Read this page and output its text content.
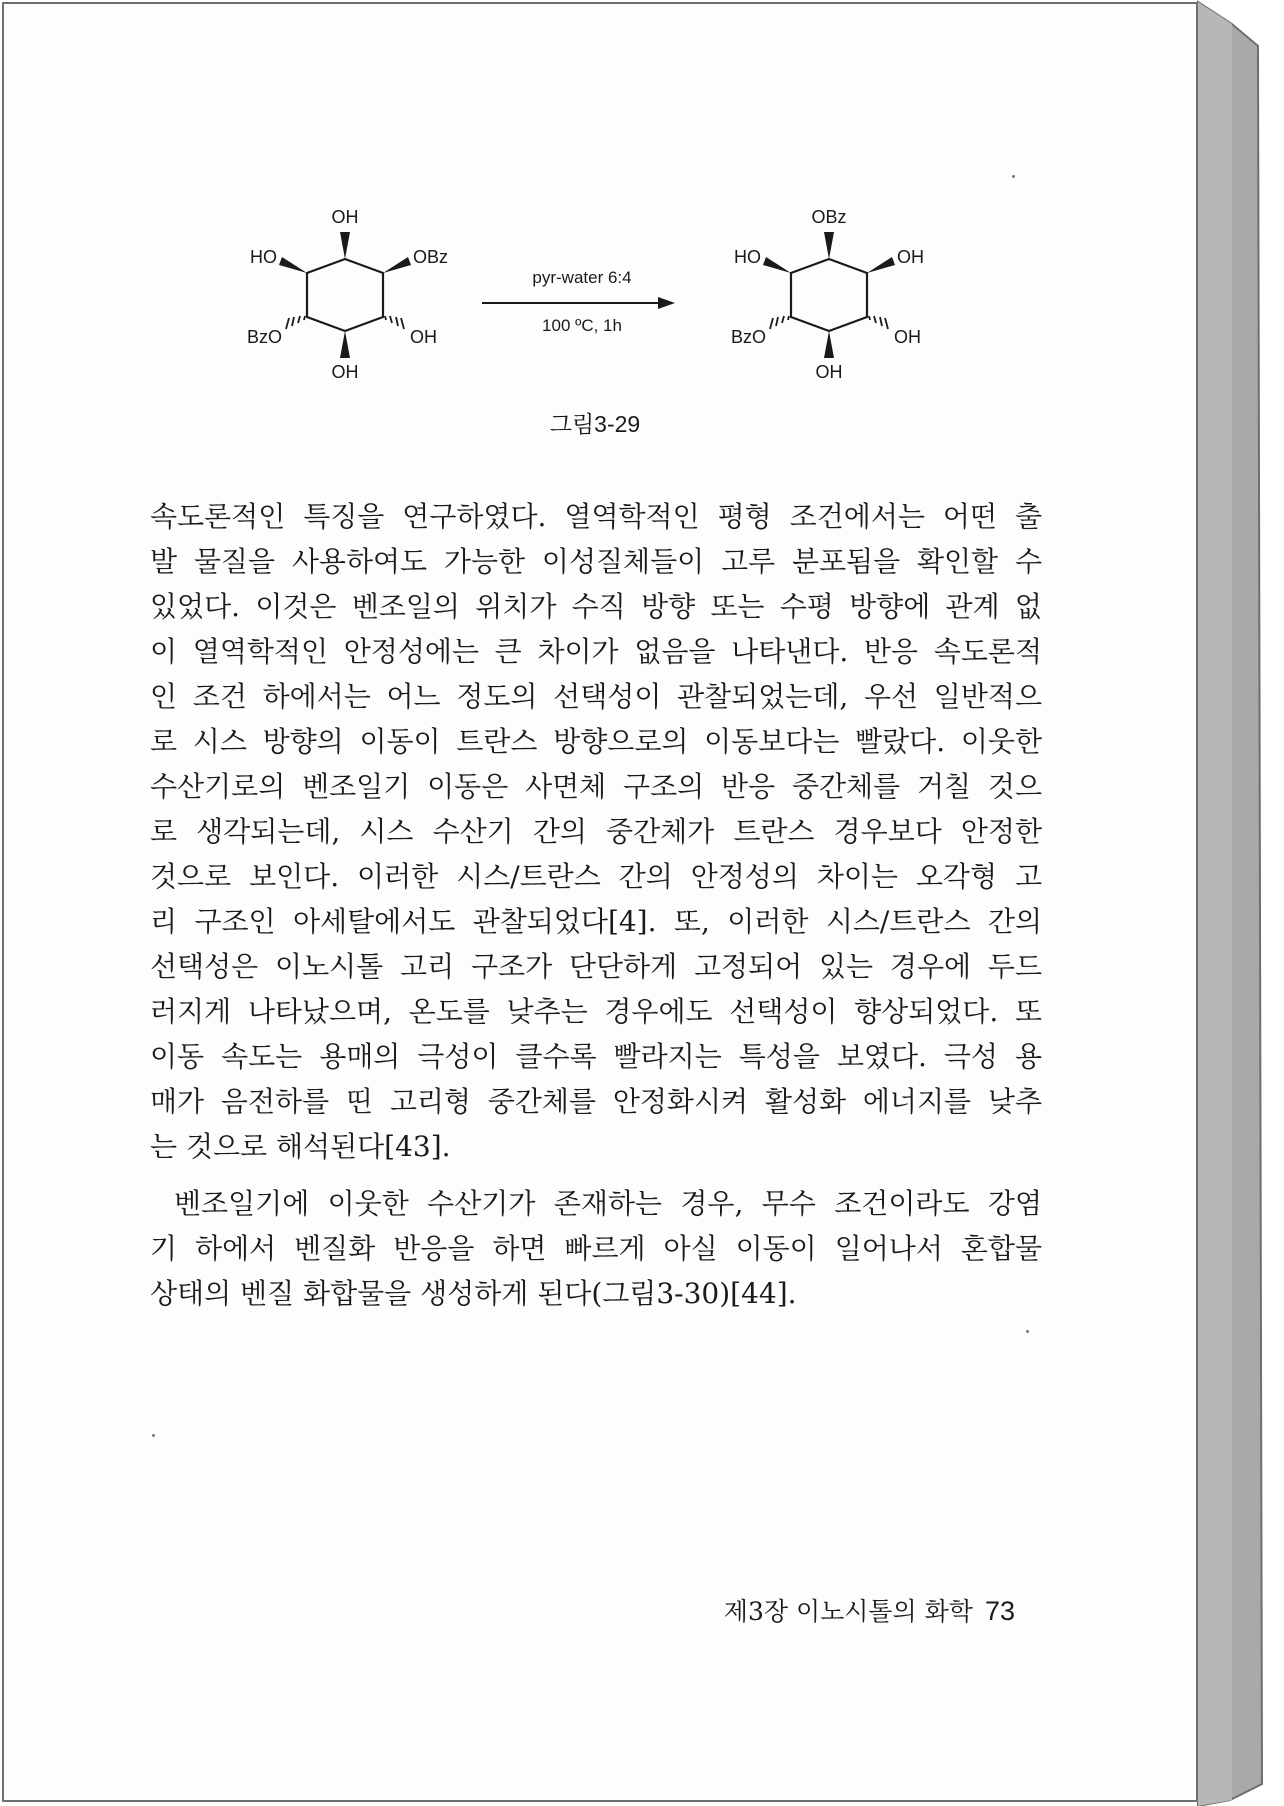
OH
HO	OBz
BzO	OH
OH
pyr-water 6:4
100 ºC, 1h
OBz
HO	OH
BzO	OH
OH
그림3-29
속도론적인 특징을 연구하였다. 열역학적인 평형 조건에서는 어떤 출
발 물질을 사용하여도 가능한 이성질체들이 고루 분포됨을 확인할 수
있었다. 이것은 벤조일의 위치가 수직 방향 또는 수평 방향에 관계 없
이 열역학적인 안정성에는 큰 차이가 없음을 나타낸다. 반응 속도론적
인 조건 하에서는 어느 정도의 선택성이 관찰되었는데, 우선 일반적으
로 시스 방향의 이동이 트란스 방향으로의 이동보다는 빨랐다. 이웃한
수산기로의 벤조일기 이동은 사면체 구조의 반응 중간체를 거칠 것으
로 생각되는데, 시스 수산기 간의 중간체가 트란스 경우보다 안정한
것으로 보인다. 이러한 시스/트란스 간의 안정성의 차이는 오각형 고
리 구조인 아세탈에서도 관찰되었다[4]. 또, 이러한 시스/트란스 간의
선택성은 이노시톨 고리 구조가 단단하게 고정되어 있는 경우에 두드
러지게 나타났으며, 온도를 낮추는 경우에도 선택성이 향상되었다. 또
이동 속도는 용매의 극성이 클수록 빨라지는 특성을 보였다. 극성 용
매가 음전하를 띤 고리형 중간체를 안정화시켜 활성화 에너지를 낮추
는 것으로 해석된다[43].
벤조일기에 이웃한 수산기가 존재하는 경우, 무수 조건이라도 강염
기 하에서 벤질화 반응을 하면 빠르게 아실 이동이 일어나서 혼합물
상태의 벤질 화합물을 생성하게 된다(그림3-30)[44].
제3장 이노시톨의 화학 73
